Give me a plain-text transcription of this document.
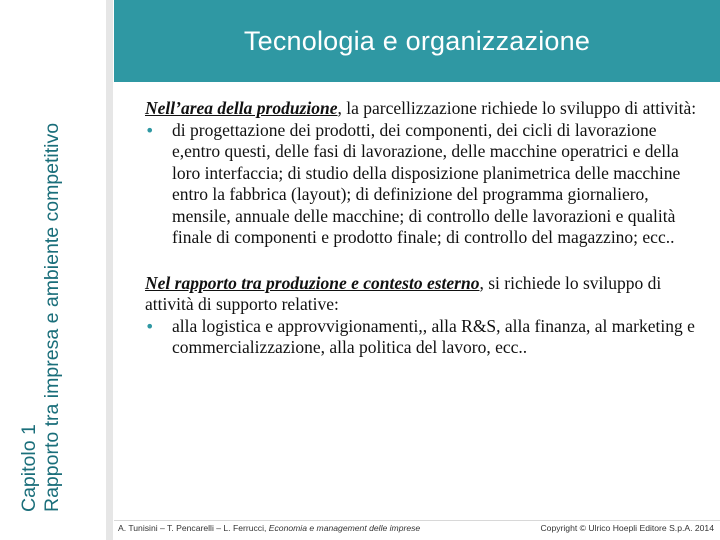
Capitolo 1 Rapporto tra impresa e ambiente competitivo
Tecnologia e organizzazione

Nell’area della produzione, la parcellizzazione richiede lo sviluppo di attività:

• di progettazione dei prodotti, dei componenti, dei cicli di lavorazione e,entro questi, delle fasi di lavorazione, delle macchine operatrici e della loro interfaccia; di studio della disposizione planimetrica delle macchine entro la fabbrica (layout); di definizione del programma giornaliero, mensile, annuale delle macchine; di controllo delle lavorazioni e qualità finale di componenti e prodotto finale; di controllo del magazzino; ecc..

Nel rapporto tra produzione e contesto esterno, si richiede lo sviluppo di attività di supporto relative:

• alla logistica e approvvigionamenti,, alla R&S, alla finanza, al marketing e commercializzazione, alla politica del lavoro, ecc..
A. Tunisini – T. Pencarelli – L. Ferrucci, Economia e management delle imprese	Copyright © Ulrico Hoepli Editore S.p.A. 2014
